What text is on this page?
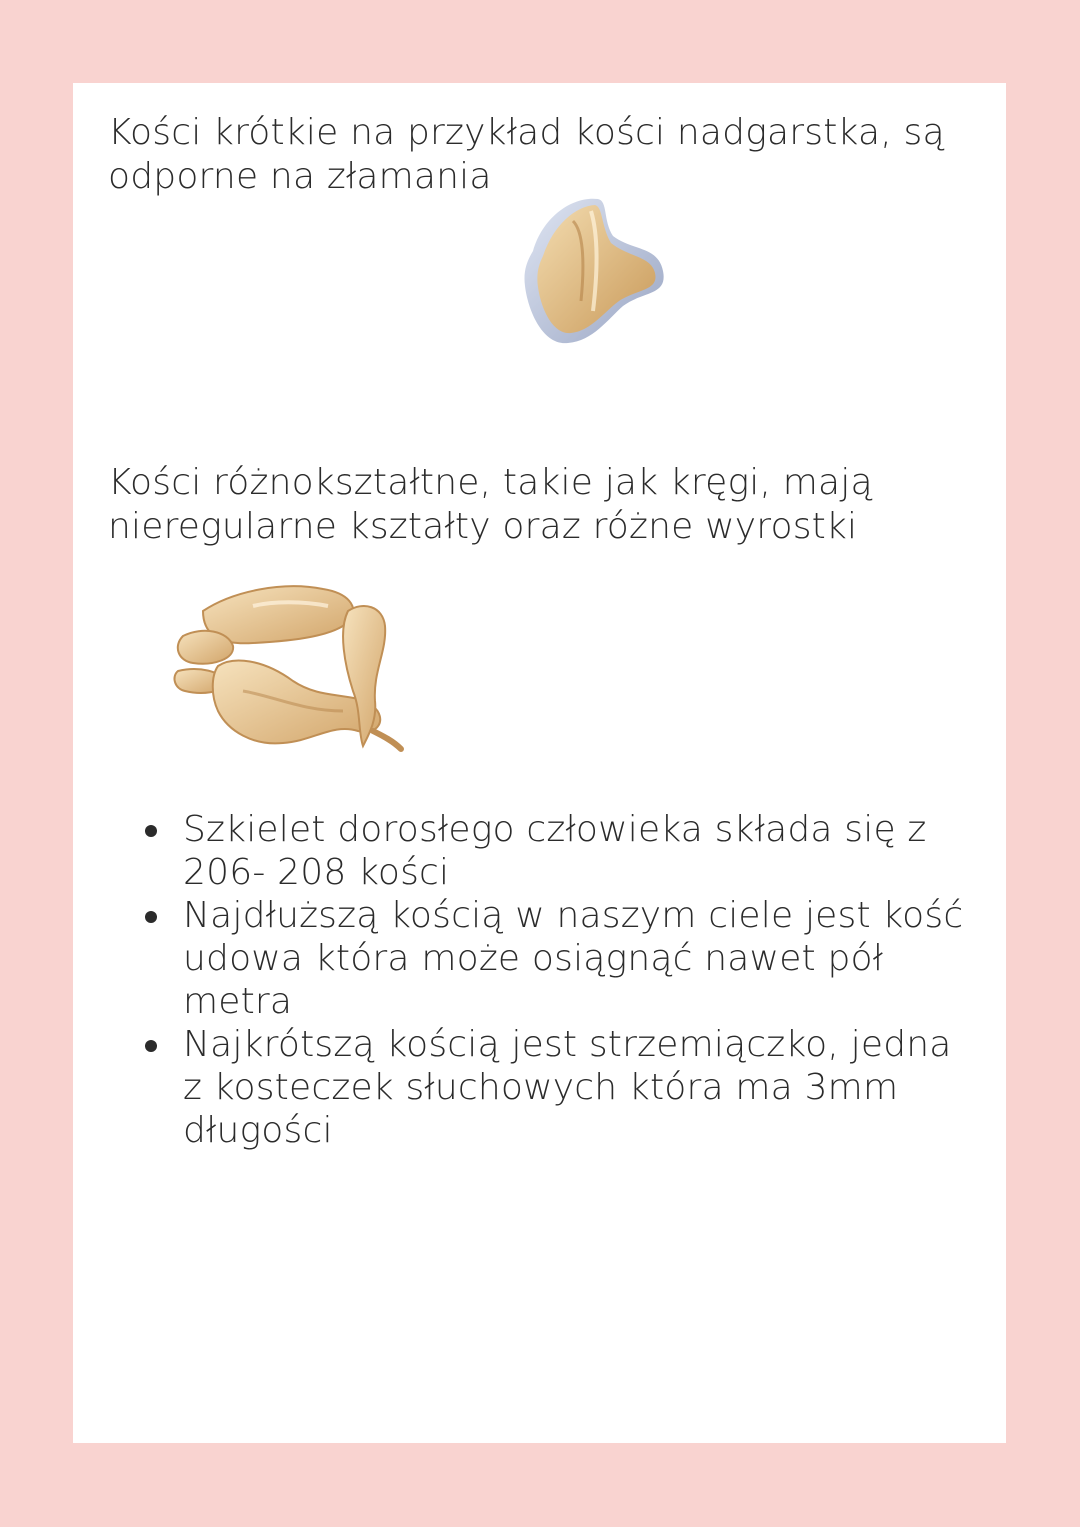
Kości krótkie na przykład kości nadgarstka, są odporne na złamania

Kości różnokształtne, takie jak kręgi, mają nieregularne kształty oraz różne wyrostki

Szkielet dorosłego człowieka składa się z 206- 208 kości
Najdłuższą kością w naszym ciele jest kość udowa która może osiągnąć nawet pół metra
Najkrótszą kością jest strzemiączko, jedna z kosteczek słuchowych która ma 3mm długości
